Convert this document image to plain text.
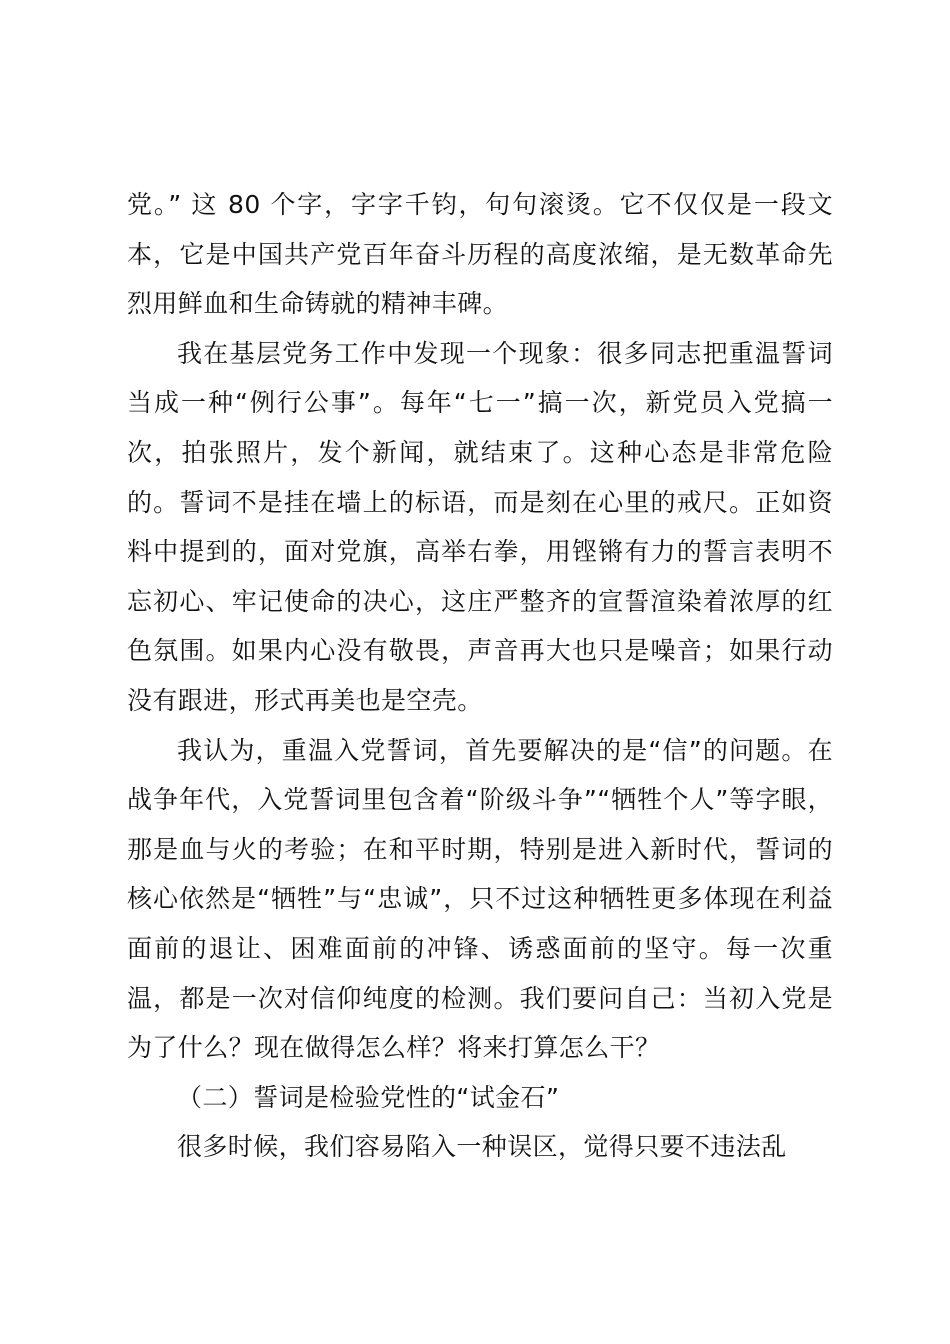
党。” 这 80 个字，字字千钧，句句滚烫。它不仅仅是一段文本，它是中国共产党百年奋斗历程的高度浓缩，是无数革命先烈用鲜血和生命铸就的精神丰碑。

我在基层党务工作中发现一个现象：很多同志把重温誓词当成一种“例行公事”。每年“七一”搞一次，新党员入党搞一次，拍张照片，发个新闻，就结束了。这种心态是非常危险的。誓词不是挂在墙上的标语，而是刻在心里的戒尺。正如资料中提到的，面对党旗，高举右拳，用铿锵有力的誓言表明不忘初心、牢记使命的决心，这庄严整齐的宣誓渲染着浓厚的红色氛围。如果内心没有敬畏，声音再大也只是噪音；如果行动没有跟进，形式再美也是空壳。

我认为，重温入党誓词，首先要解决的是“信”的问题。在战争年代，入党誓词里包含着“阶级斗争”“牺牲个人”等字眼，那是血与火的考验；在和平时期，特别是进入新时代，誓词的核心依然是“牺牲”与“忠诚”，只不过这种牺牲更多体现在利益面前的退让、困难面前的冲锋、诱惑面前的坚守。每一次重温，都是一次对信仰纯度的检测。我们要问自己：当初入党是为了什么？现在做得怎么样？将来打算怎么干？

（二）誓词是检验党性的“试金石”

很多时候，我们容易陷入一种误区，觉得只要不违法乱
